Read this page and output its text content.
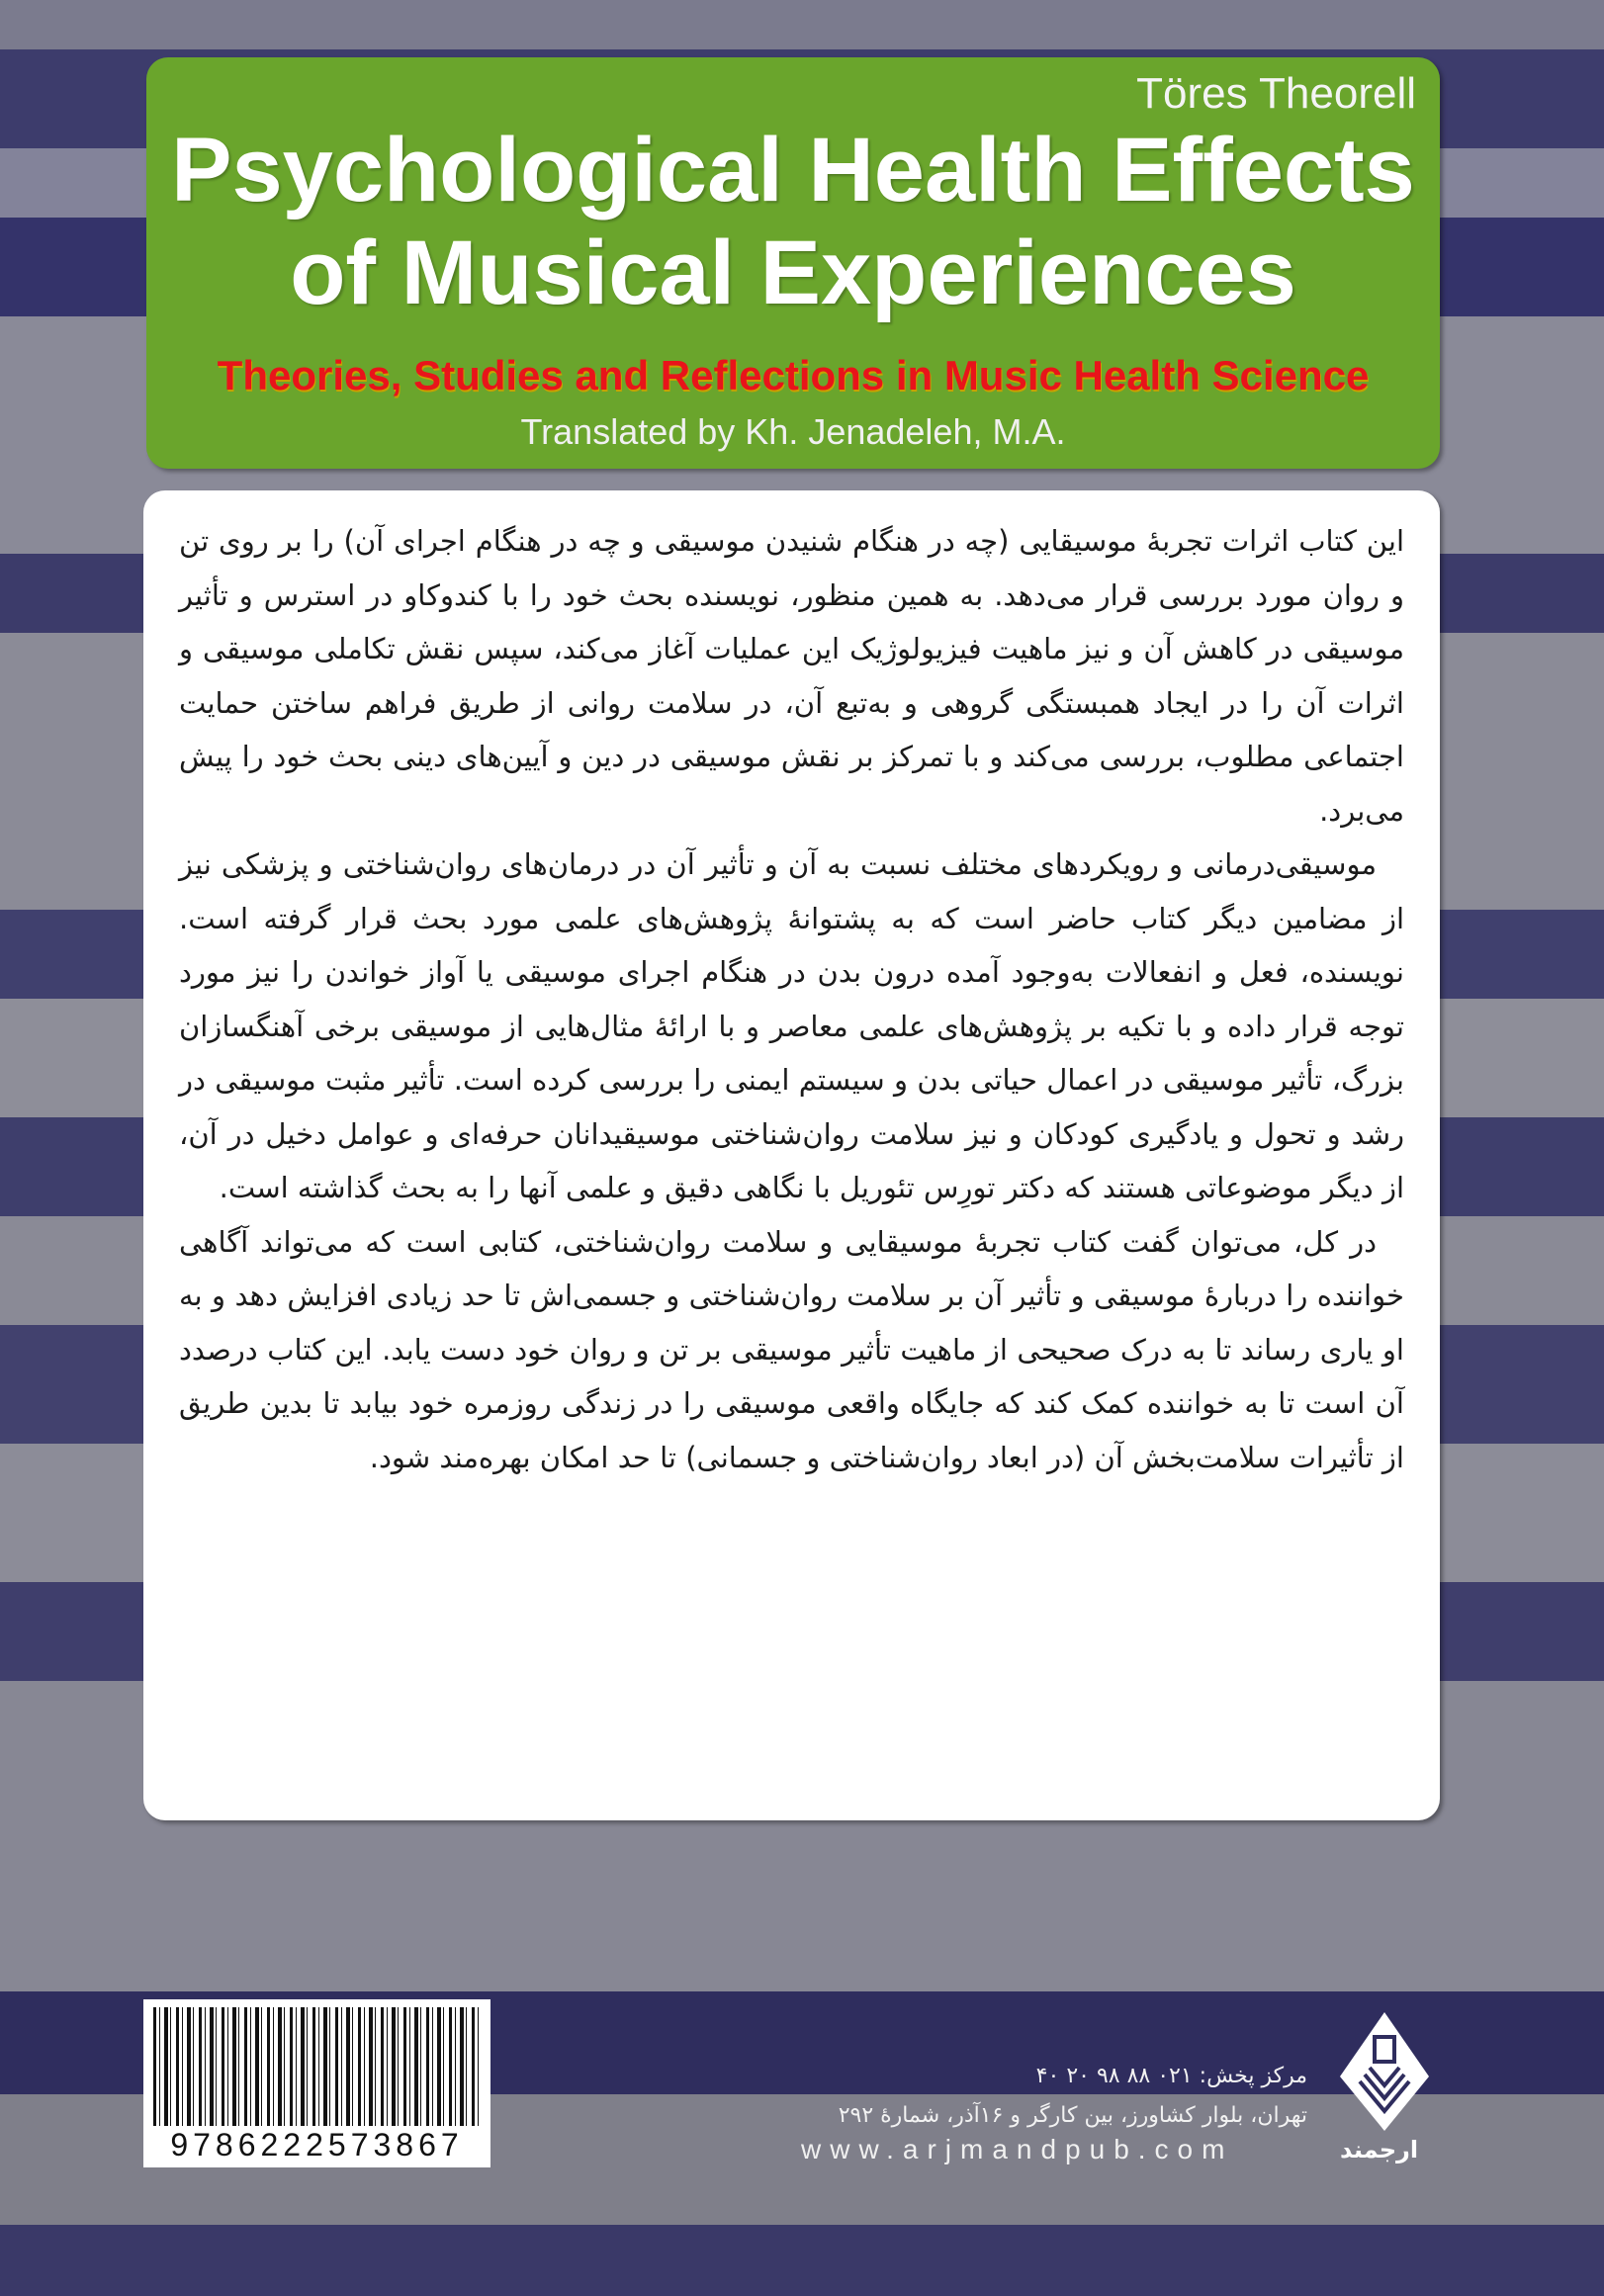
Töres Theorell
Psychological Health Effects
of Musical Experiences
Theories, Studies and Reflections in Music Health Science
Translated by Kh. Jenadeleh, M.A.

این کتاب اثرات تجربهٔ موسیقایی (چه در هنگام شنیدن موسیقی و چه در هنگام اجرای آن) را بر روی تن و روان مورد بررسی قرار می‌دهد. به همین منظور، نویسنده بحث خود را با کندوکاو در استرس و تأثیر موسیقی در کاهش آن و نیز ماهیت فیزیولوژیک این عملیات آغاز می‌کند، سپس نقش تکاملی موسیقی و اثرات آن را در ایجاد همبستگی گروهی و به‌تبع آن، در سلامت روانی از طریق فراهم ساختن حمایت اجتماعی مطلوب، بررسی می‌کند و با تمرکز بر نقش موسیقی در دین و آیین‌های دینی بحث خود را پیش می‌برد.

موسیقی‌درمانی و رویکردهای مختلف نسبت به آن و تأثیر آن در درمان‌های روان‌شناختی و پزشکی نیز از مضامین دیگر کتاب حاضر است که به پشتوانهٔ پژوهش‌های علمی مورد بحث قرار گرفته است. نویسنده، فعل و انفعالات به‌وجود آمده درون بدن در هنگام اجرای موسیقی یا آواز خواندن را نیز مورد توجه قرار داده و با تکیه بر پژوهش‌های علمی معاصر و با ارائهٔ مثال‌هایی از موسیقی برخی آهنگسازان بزرگ، تأثیر موسیقی در اعمال حیاتی بدن و سیستم ایمنی را بررسی کرده است. تأثیر مثبت موسیقی در رشد و تحول و یادگیری کودکان و نیز سلامت روان‌شناختی موسیقیدانان حرفه‌ای و عوامل دخیل در آن، از دیگر موضوعاتی هستند که دکتر تورِس تئوریل با نگاهی دقیق و علمی آنها را به بحث گذاشته است.

در کل، می‌توان گفت کتاب تجربهٔ موسیقایی و سلامت روان‌شناختی، کتابی است که می‌تواند آگاهی خواننده را دربارهٔ موسیقی و تأثیر آن بر سلامت روان‌شناختی و جسمی‌اش تا حد زیادی افزایش دهد و به او یاری رساند تا به درک صحیحی از ماهیت تأثیر موسیقی بر تن و روان خود دست یابد. این کتاب درصدد آن است تا به خواننده کمک کند که جایگاه واقعی موسیقی را در زندگی روزمره خود بیابد تا بدین طریق از تأثیرات سلامت‌بخش آن (در ابعاد روان‌شناختی و جسمانی) تا حد امکان بهره‌مند شود.

9786222573867
مرکز پخش: ۰۲۱ ۸۸ ۹۸ ۲۰ ۴۰
تهران، بلوار کشاورز، بین کارگر و ۱۶آذر، شمارهٔ ۲۹۲
www.arjmandpub.com	ارجمند
